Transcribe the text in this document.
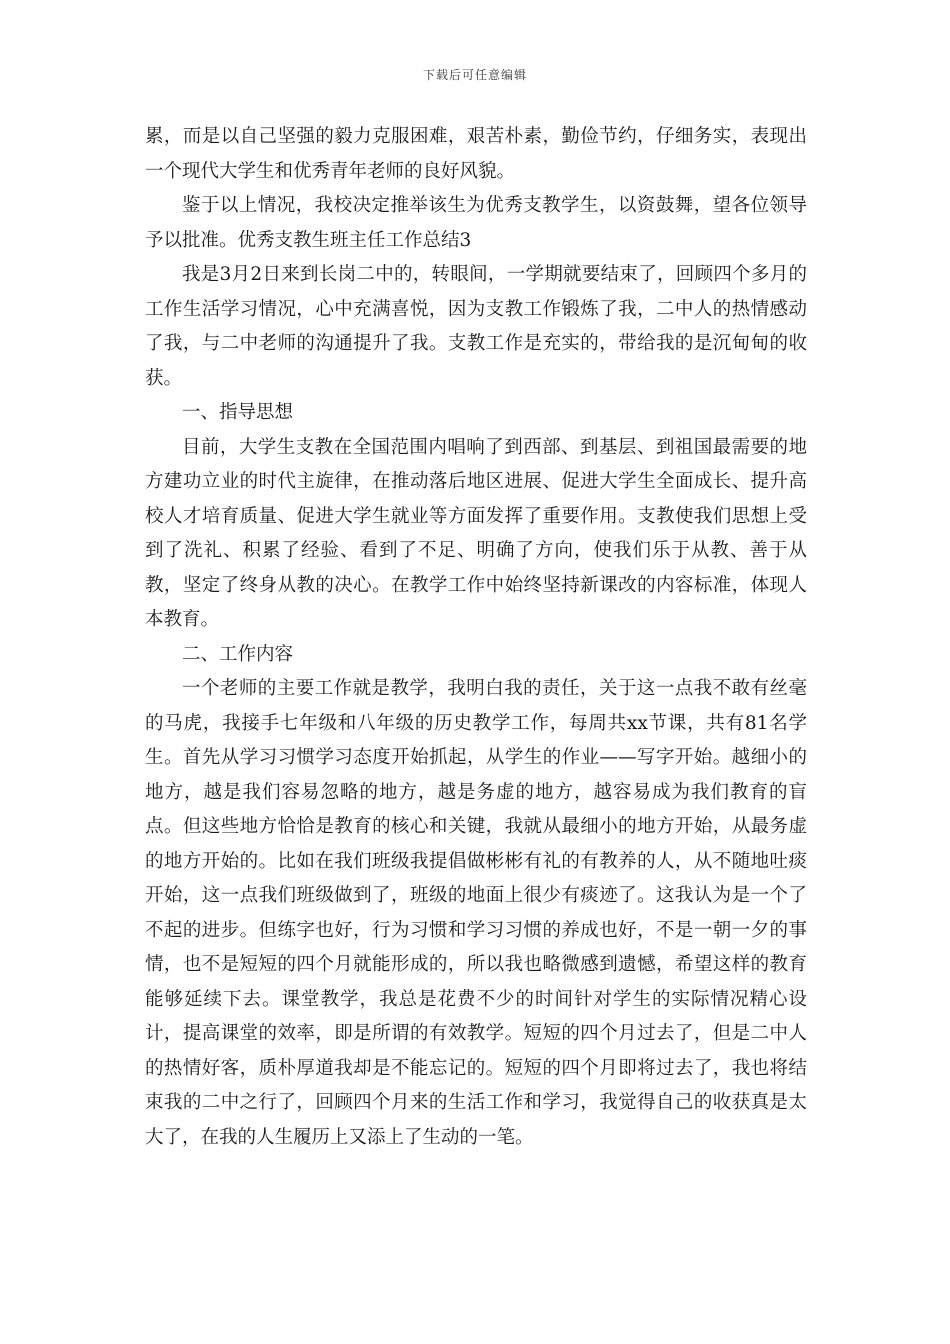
下载后可任意编辑

累，而是以自己坚强的毅力克服困难，艰苦朴素，勤俭节约，仔细务实，表现出一个现代大学生和优秀青年老师的良好风貌。

鉴于以上情况，我校决定推举该生为优秀支教学生，以资鼓舞，望各位领导予以批准。优秀支教生班主任工作总结3

我是3月2日来到长岗二中的，转眼间，一学期就要结束了，回顾四个多月的工作生活学习情况，心中充满喜悦，因为支教工作锻炼了我，二中人的热情感动了我，与二中老师的沟通提升了我。支教工作是充实的，带给我的是沉甸甸的收获。

一、指导思想

目前，大学生支教在全国范围内唱响了到西部、到基层、到祖国最需要的地方建功立业的时代主旋律，在推动落后地区进展、促进大学生全面成长、提升高校人才培育质量、促进大学生就业等方面发挥了重要作用。支教使我们思想上受到了洗礼、积累了经验、看到了不足、明确了方向，使我们乐于从教、善于从教，坚定了终身从教的决心。在教学工作中始终坚持新课改的内容标准，体现人本教育。

二、工作内容

一个老师的主要工作就是教学，我明白我的责任，关于这一点我不敢有丝毫的马虎，我接手七年级和八年级的历史教学工作，每周共xx节课，共有81名学生。首先从学习习惯学习态度开始抓起，从学生的作业——写字开始。越细小的地方，越是我们容易忽略的地方，越是务虚的地方，越容易成为我们教育的盲点。但这些地方恰恰是教育的核心和关键，我就从最细小的地方开始，从最务虚的地方开始的。比如在我们班级我提倡做彬彬有礼的有教养的人，从不随地吐痰开始，这一点我们班级做到了，班级的地面上很少有痰迹了。这我认为是一个了不起的进步。但练字也好，行为习惯和学习习惯的养成也好，不是一朝一夕的事情，也不是短短的四个月就能形成的，所以我也略微感到遗憾，希望这样的教育能够延续下去。课堂教学，我总是花费不少的时间针对学生的实际情况精心设计，提高课堂的效率，即是所谓的有效教学。短短的四个月过去了，但是二中人的热情好客，质朴厚道我却是不能忘记的。短短的四个月即将过去了，我也将结束我的二中之行了，回顾四个月来的生活工作和学习，我觉得自己的收获真是太大了，在我的人生履历上又添上了生动的一笔。
